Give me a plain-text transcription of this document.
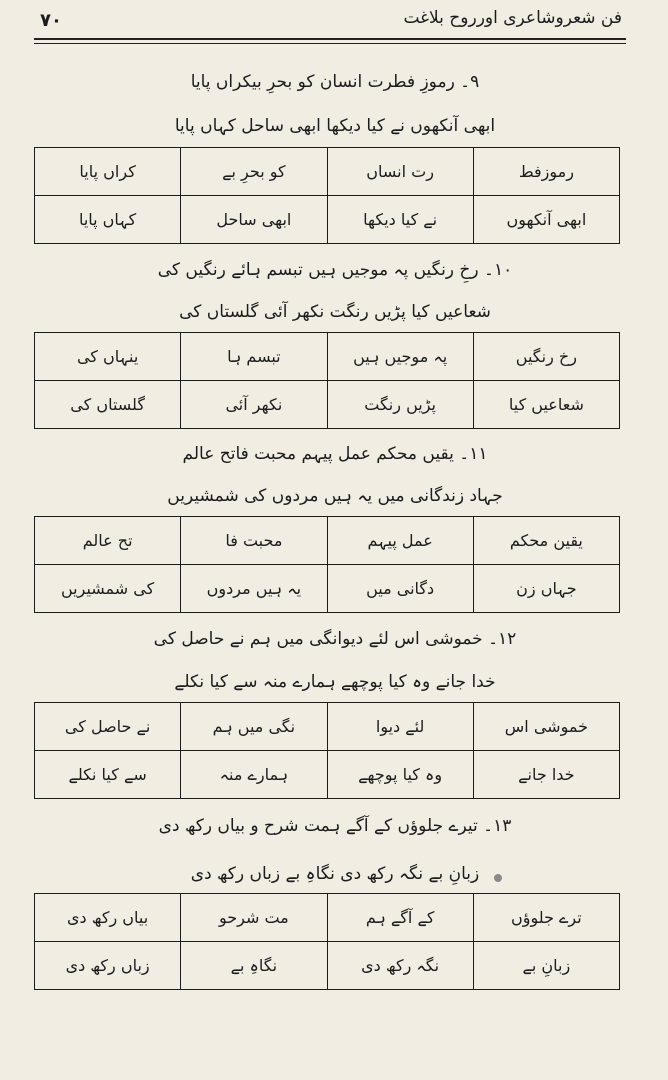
۷۰	فن شعروشاعری اورروح بلاغت
۹۔ رموزِ فطرت انسان کو بحرِ بیکراں پایا
ابھی آنکھوں نے کیا دیکھا ابھی ساحل کہاں پایا
رموزفط	رت انساں	کو بحرِ بے	کراں پایا
ابھی آنکھوں	نے کیا دیکھا	ابھی ساحل	کہاں پایا
۱۰۔ رخِ رنگیں پہ موجیں ہیں تبسم ہائے رنگیں کی
شعاعیں کیا پڑیں رنگت نکھر آئی گلستاں کی
رخ رنگیں	پہ موجیں ہیں	تبسم ہا	ینہاں کی
شعاعیں کیا	پڑیں رنگت	نکھر آئی	گلستاں کی
۱۱۔ یقیں محکم عمل پیہم محبت فاتح عالم
جہاد زندگانی میں یہ ہیں مردوں کی شمشیریں
یقین محکم	عمل پیہم	محبت فا	تح عالم
جہاں زن	دگانی میں	یہ ہیں مردوں	کی شمشیریں
۱۲۔ خموشی اس لئے دیوانگی میں ہم نے حاصل کی
خدا جانے وہ کیا پوچھے ہمارے منہ سے کیا نکلے
خموشی اس	لئے دیوا	نگی میں ہم	نے حاصل کی
خدا جانے	وہ کیا پوچھے	ہمارے منہ	سے کیا نکلے
۱۳۔ تیرے جلوؤں کے آگے ہمت شرح و بیاں رکھ دی
زبانِ بے نگہ رکھ دی نگاہِ بے زباں رکھ دی
ترے جلوؤں	کے آگے ہم	مت شرحو	بیاں رکھ دی
زبانِ بے	نگہ رکھ دی	نگاہِ بے	زباں رکھ دی
